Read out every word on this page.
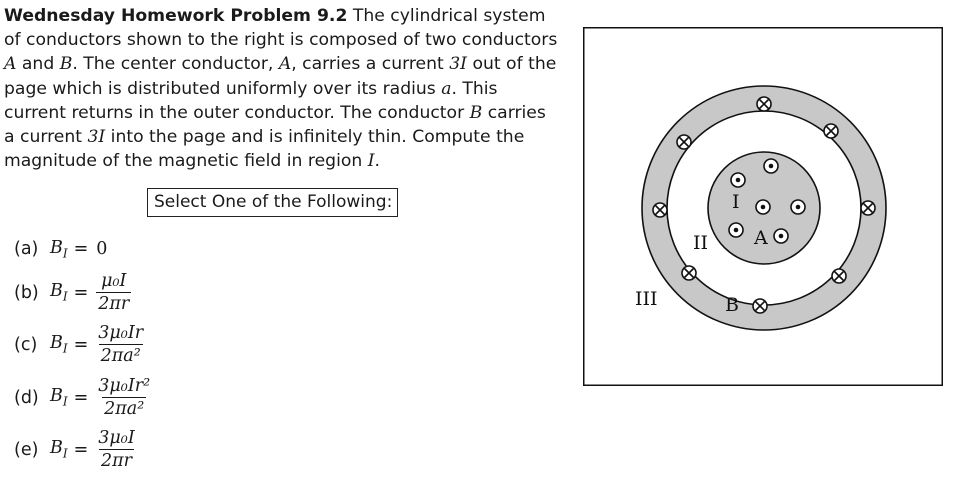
Wednesday Homework Problem 9.2 The cylindrical system of conductors shown to the right is composed of two conductors A and B. The center conductor, A, carries a current 3I out of the page which is distributed uniformly over its radius a. This current returns in the outer conductor. The conductor B carries a current 3I into the page and is infinitely thin. Compute the magnitude of the magnetic field in region I.
Select One of the Following:
(a) $B_I = 0$
(b) $B_I = \frac{\text{μ₀I}}{2\pi r}$
(c) $B_I = \frac{\text{3μ₀Ir}}{\text{2πa²}}$
(d) $B_I = \frac{\text{3μ₀Ir²}}{\text{2πa²}}$
(e) $B_I = \frac{\text{3μ₀I}}{2\pi r}$
I
II
III
A
B
